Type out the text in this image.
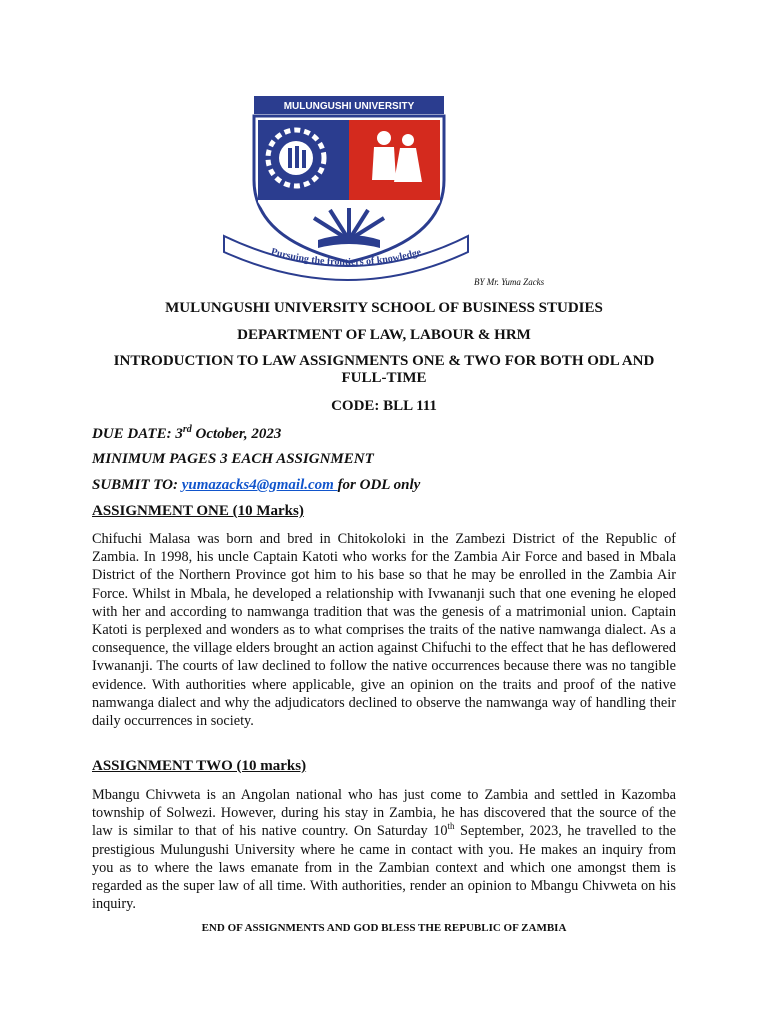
MULUNGUSHI UNIVERSITY
Pursuing the frontiers of knowledge
BY Mr. Yuma Zacks

MULUNGUSHI UNIVERSITY SCHOOL OF BUSINESS STUDIES

DEPARTMENT OF LAW, LABOUR & HRM

INTRODUCTION TO LAW ASSIGNMENTS ONE & TWO FOR BOTH ODL AND
FULL-TIME

CODE: BLL 111

DUE DATE: 3rd October, 2023

MINIMUM PAGES 3 EACH ASSIGNMENT

SUBMIT TO: yumazacks4@gmail.com for ODL only

ASSIGNMENT ONE (10 Marks)

Chifuchi Malasa was born and bred in Chitokoloki in the Zambezi District of the Republic of Zambia. In 1998, his uncle Captain Katoti who works for the Zambia Air Force and based in Mbala District of the Northern Province got him to his base so that he may be enrolled in the Zambia Air Force. Whilst in Mbala, he developed a relationship with Ivwananji such that one evening he eloped with her and according to namwanga tradition that was the genesis of a matrimonial union. Captain Katoti is perplexed and wonders as to what comprises the traits of the native namwanga dialect. As a consequence, the village elders brought an action against Chifuchi to the effect that he has deflowered Ivwananji. The courts of law declined to follow the native occurrences because there was no tangible evidence. With authorities where applicable, give an opinion on the traits and proof of the native namwanga dialect and why the adjudicators declined to observe the namwanga way of handling their daily occurrences in society.

ASSIGNMENT TWO (10 marks)

Mbangu Chivweta is an Angolan national who has just come to Zambia and settled in Kazomba township of Solwezi. However, during his stay in Zambia, he has discovered that the source of the law is similar to that of his native country. On Saturday 10th September, 2023, he travelled to the prestigious Mulungushi University where he came in contact with you. He makes an inquiry from you as to where the laws emanate from in the Zambian context and which one amongst them is regarded as the super law of all time. With authorities, render an opinion to Mbangu Chivweta on his inquiry.

END OF ASSIGNMENTS AND GOD BLESS THE REPUBLIC OF ZAMBIA
